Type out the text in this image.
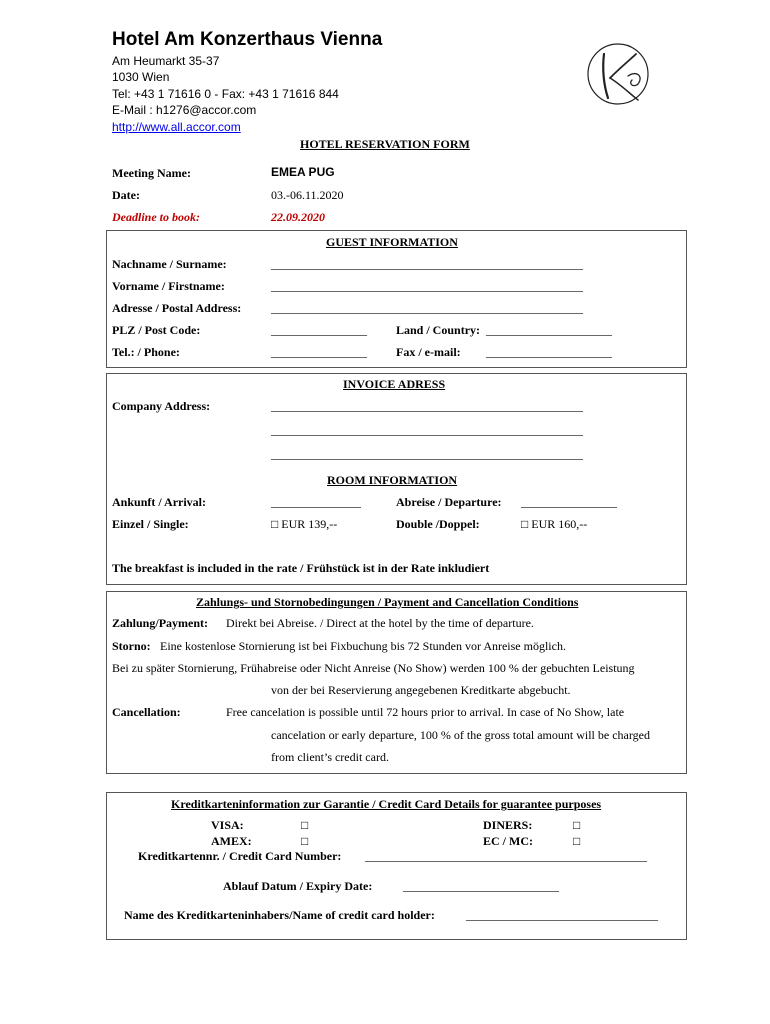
Hotel Am Konzerthaus Vienna
Am Heumarkt 35-37
1030 Wien
Tel: +43 1 71616 0 - Fax: +43 1 71616 844
E-Mail : h1276@accor.com
http://www.all.accor.com
K
HOTEL RESERVATION FORM
Meeting Name:	EMEA PUG
Date:	03.-06.11.2020
Deadline to book:	22.09.2020
GUEST INFORMATION
Nachname / Surname:	____________________________________________________
Vorname / Firstname:	____________________________________________________
Adresse / Postal Address: ____________________________________________________
PLZ / Post Code:	________________ Land / Country: _____________________
Tel.: / Phone:	________________ Fax / e-mail: _____________________
INVOICE ADRESS
Company Address:	____________________________________________________
____________________________________________________
____________________________________________________
ROOM INFORMATION
Ankunft / Arrival:	_______________	Abreise / Departure: ________________
Einzel / Single:	□ EUR 139,--	Double /Doppel:	□ EUR 160,--
The breakfast is included in the rate / Frühstück ist in der Rate inkludiert
Zahlungs- und Stornobedingungen / Payment and Cancellation Conditions
Zahlung/Payment: Direkt bei Abreise. / Direct at the hotel by the time of departure.
Storno: Eine kostenlose Stornierung ist bei Fixbuchung bis 72 Stunden vor Anreise möglich.
Bei zu später Stornierung, Frühabreise oder Nicht Anreise (No Show) werden 100 % der gebuchten Leistung
von der bei Reservierung angegebenen Kreditkarte abgebucht.
Cancellation:	Free cancelation is possible until 72 hours prior to arrival. In case of No Show, late
cancelation or early departure, 100 % of the gross total amount will be charged
from client’s credit card.
Kreditkarteninformation zur Garantie / Credit Card Details for guarantee purposes
VISA:	□	DINERS:	□
AMEX:	□	EC / MC:	□
Kreditkartennr. / Credit Card Number: _______________________________________________
Ablauf Datum / Expiry Date:	__________________________
Name des Kreditkarteninhabers/Name of credit card holder:	________________________________
